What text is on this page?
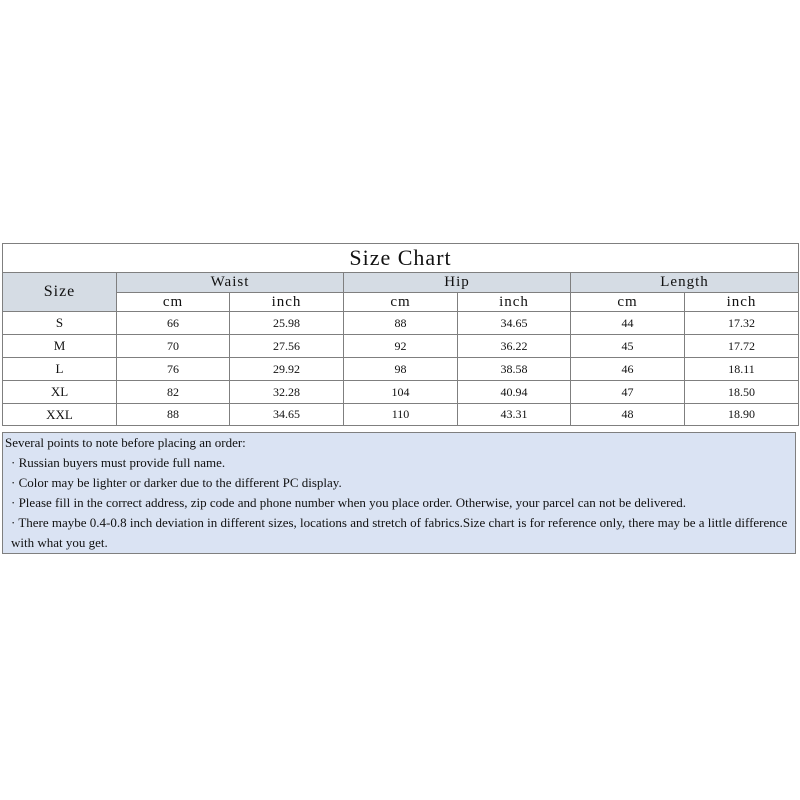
Size Chart						
Size	Waist		Hip		Length	
	cm	inch	cm	inch	cm	inch
S	66	25.98	88	34.65	44	17.32
M	70	27.56	92	36.22	45	17.72
L	76	29.92	98	38.58	46	18.11
XL	82	32.28	104	40.94	47	18.50
XXL	88	34.65	110	43.31	48	18.90

Several points to note before placing an order:

· Russian buyers must provide full name.

· Color may be lighter or darker due to the different PC display.

· Please fill in the correct address, zip code and phone number when you place order. Otherwise, your parcel can not be delivered.

· There maybe 0.4-0.8 inch deviation in different sizes, locations and stretch of fabrics.Size chart is for reference only, there may be a little difference with what you get.
